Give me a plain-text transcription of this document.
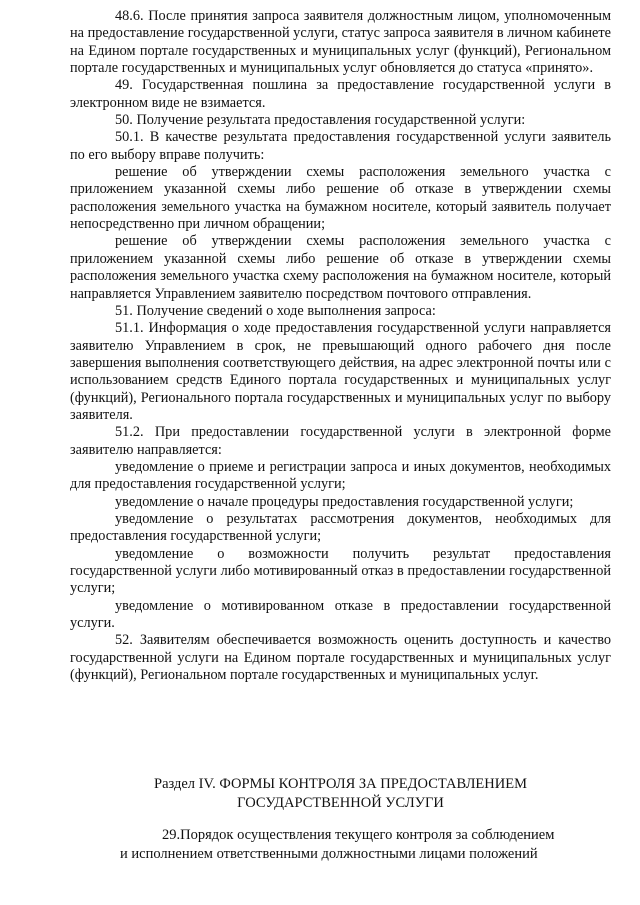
48.6. После принятия запроса заявителя должностным лицом, уполномоченным на предоставление государственной услуги, статус запроса заявителя в личном кабинете на Едином портале государственных и муниципальных услуг (функций), Региональном портале государственных и муниципальных услуг обновляется до статуса «принято».

49. Государственная пошлина за предоставление государственной услуги в электронном виде не взимается.

50. Получение результата предоставления государственной услуги:

50.1. В качестве результата предоставления государственной услуги заявитель по его выбору вправе получить:

решение об утверждении схемы расположения земельного участка с приложением указанной схемы либо решение об отказе в утверждении схемы расположения земельного участка на бумажном носителе, который заявитель получает непосредственно при личном обращении;

решение об утверждении схемы расположения земельного участка с приложением указанной схемы либо решение об отказе в утверждении схемы расположения земельного участка схему расположения на бумажном носителе, который направляется Управлением заявителю посредством почтового отправления.

51. Получение сведений о ходе выполнения запроса:

51.1. Информация о ходе предоставления государственной услуги направляется заявителю Управлением в срок, не превышающий одного рабочего дня после завершения выполнения соответствующего действия, на адрес электронной почты или с использованием средств Единого портала государственных и муниципальных услуг (функций), Регионального портала государственных и муниципальных услуг по выбору заявителя.

51.2. При предоставлении государственной услуги в электронной форме заявителю направляется:

уведомление о приеме и регистрации запроса и иных документов, необходимых для предоставления государственной услуги;

уведомление о начале процедуры предоставления государственной услуги;

уведомление о результатах рассмотрения документов, необходимых для предоставления государственной услуги;

уведомление о возможности получить результат предоставления государственной услуги либо мотивированный отказ в предоставлении государственной услуги;

уведомление о мотивированном отказе в предоставлении государственной услуги.

52. Заявителям обеспечивается возможность оценить доступность и качество государственной услуги на Едином портале государственных и муниципальных услуг (функций), Региональном портале государственных и муниципальных услуг.

Раздел IV. ФОРМЫ КОНТРОЛЯ ЗА ПРЕДОСТАВЛЕНИЕМ
ГОСУДАРСТВЕННОЙ УСЛУГИ
29.Порядок осуществления текущего контроля за соблюдением
и исполнением ответственными должностными лицами положений
